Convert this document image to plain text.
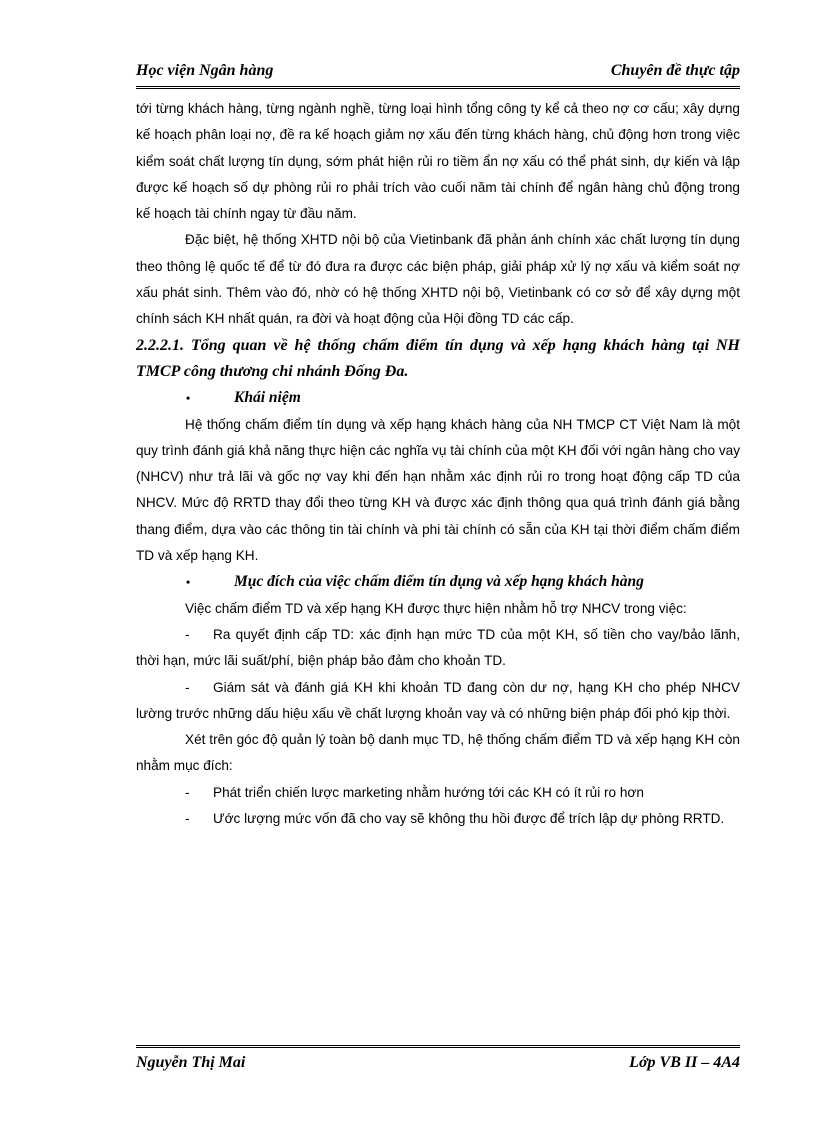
Học viện Ngân hàng	Chuyên đề thực tập

tới từng khách hàng, từng ngành nghề, từng loại hình tổng công ty kể cả theo nợ cơ cấu; xây dựng kế hoạch phân loại nợ, đề ra kế hoạch giảm nợ xấu đến từng khách hàng, chủ động hơn trong việc kiểm soát chất lượng tín dụng, sớm phát hiện rủi ro tiềm ẩn nợ xấu có thể phát sinh, dự kiến và lập được kế hoạch số dự phòng rủi ro phải trích vào cuối năm tài chính để ngân hàng chủ động trong kế hoạch tài chính ngay từ đầu năm.

Đặc biệt, hệ thống XHTD nội bộ của Vietinbank đã phản ánh chính xác chất lượng tín dụng theo thông lệ quốc tế để từ đó đưa ra được các biện pháp, giải pháp xử lý nợ xấu và kiểm soát nợ xấu phát sinh. Thêm vào đó, nhờ có hệ thống XHTD nội bộ, Vietinbank có cơ sở để xây dựng một chính sách KH nhất quán, ra đời và hoạt động của Hội đồng TD các cấp.

2.2.2.1. Tổng quan về hệ thống chấm điểm tín dụng và xếp hạng khách hàng tại NH TMCP công thương chi nhánh Đống Đa.

•	Khái niệm

Hệ thống chấm điểm tín dụng và xếp hạng khách hàng của NH TMCP CT Việt Nam là một quy trình đánh giá khả năng thực hiện các nghĩa vụ tài chính của một KH đối với ngân hàng cho vay (NHCV) như trả lãi và gốc nợ vay khi đến hạn nhằm xác định rủi ro trong hoạt động cấp TD của NHCV. Mức độ RRTD thay đổi theo từng KH và được xác định thông qua quá trình đánh giá bằng thang điểm, dựa vào các thông tin tài chính và phi tài chính có sẵn của KH tại thời điểm chấm điểm TD và xếp hạng KH.

•	Mục đích của việc chấm điểm tín dụng và xếp hạng khách hàng

Việc chấm điểm TD và xếp hạng KH được thực hiện nhằm hỗ trợ NHCV trong việc:

- Ra quyết định cấp TD: xác định hạn mức TD của một KH, số tiền cho vay/bảo lãnh, thời hạn, mức lãi suất/phí, biện pháp bảo đảm cho khoản TD.

- Giám sát và đánh giá KH khi khoản TD đang còn dư nợ, hạng KH cho phép NHCV lường trước những dấu hiệu xấu về chất lượng khoản vay và có những biện pháp đối phó kịp thời.

Xét trên góc độ quản lý toàn bộ danh mục TD, hệ thống chấm điểm TD và xếp hạng KH còn nhằm mục đích:

- Phát triển chiến lược marketing nhằm hướng tới các KH có ít rủi ro hơn

- Ước lượng mức vốn đã cho vay sẽ không thu hồi được để trích lập dự phòng RRTD.

Nguyễn Thị Mai	Lớp VB II – 4A4
